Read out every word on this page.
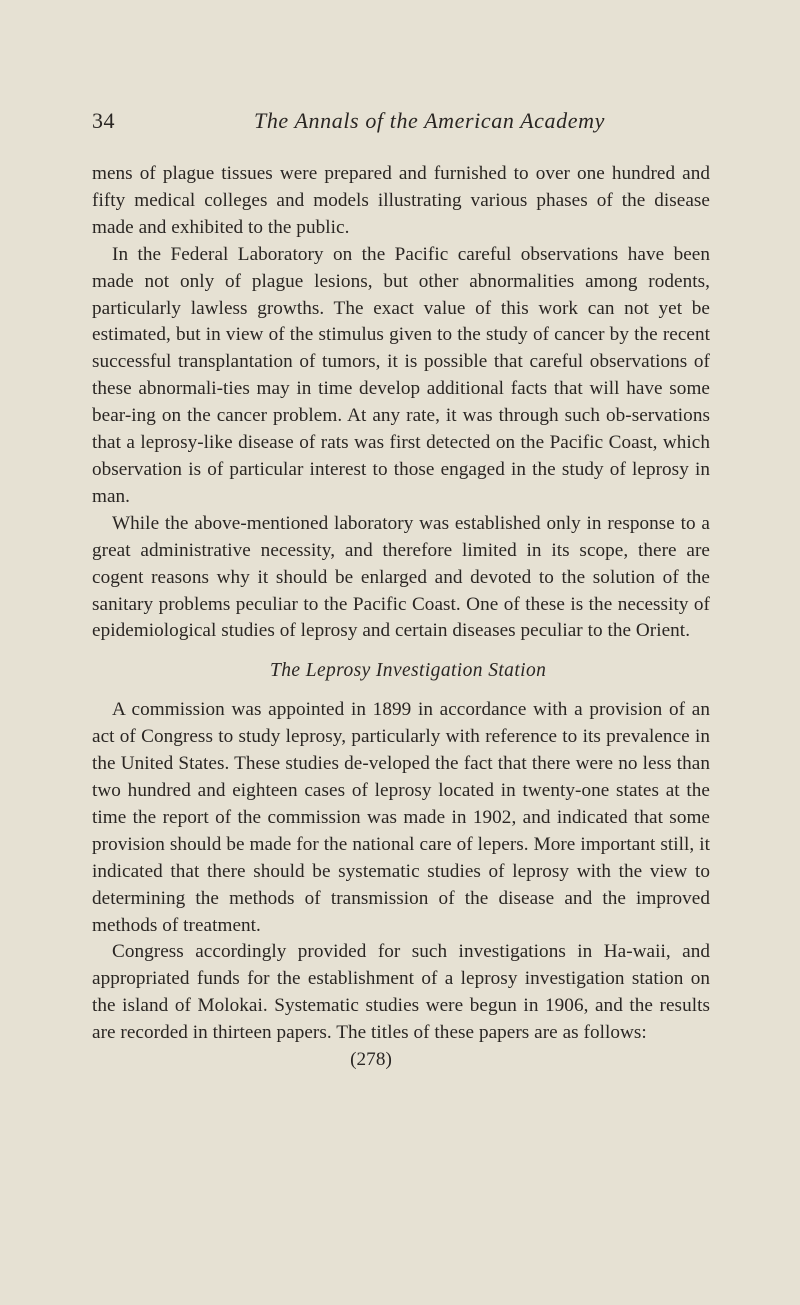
34	The Annals of the American Academy

mens of plague tissues were prepared and furnished to over one hundred and fifty medical colleges and models illustrating various phases of the disease made and exhibited to the public.

In the Federal Laboratory on the Pacific careful observations have been made not only of plague lesions, but other abnormalities among rodents, particularly lawless growths. The exact value of this work can not yet be estimated, but in view of the stimulus given to the study of cancer by the recent successful transplantation of tumors, it is possible that careful observations of these abnormali-ties may in time develop additional facts that will have some bear-ing on the cancer problem. At any rate, it was through such ob-servations that a leprosy-like disease of rats was first detected on the Pacific Coast, which observation is of particular interest to those engaged in the study of leprosy in man.

While the above-mentioned laboratory was established only in response to a great administrative necessity, and therefore limited in its scope, there are cogent reasons why it should be enlarged and devoted to the solution of the sanitary problems peculiar to the Pacific Coast. One of these is the necessity of epidemiological studies of leprosy and certain diseases peculiar to the Orient.

The Leprosy Investigation Station

A commission was appointed in 1899 in accordance with a provision of an act of Congress to study leprosy, particularly with reference to its prevalence in the United States. These studies de-veloped the fact that there were no less than two hundred and eighteen cases of leprosy located in twenty-one states at the time the report of the commission was made in 1902, and indicated that some provision should be made for the national care of lepers. More important still, it indicated that there should be systematic studies of leprosy with the view to determining the methods of transmission of the disease and the improved methods of treatment.

Congress accordingly provided for such investigations in Ha-waii, and appropriated funds for the establishment of a leprosy investigation station on the island of Molokai. Systematic studies were begun in 1906, and the results are recorded in thirteen papers. The titles of these papers are as follows:

(278)
